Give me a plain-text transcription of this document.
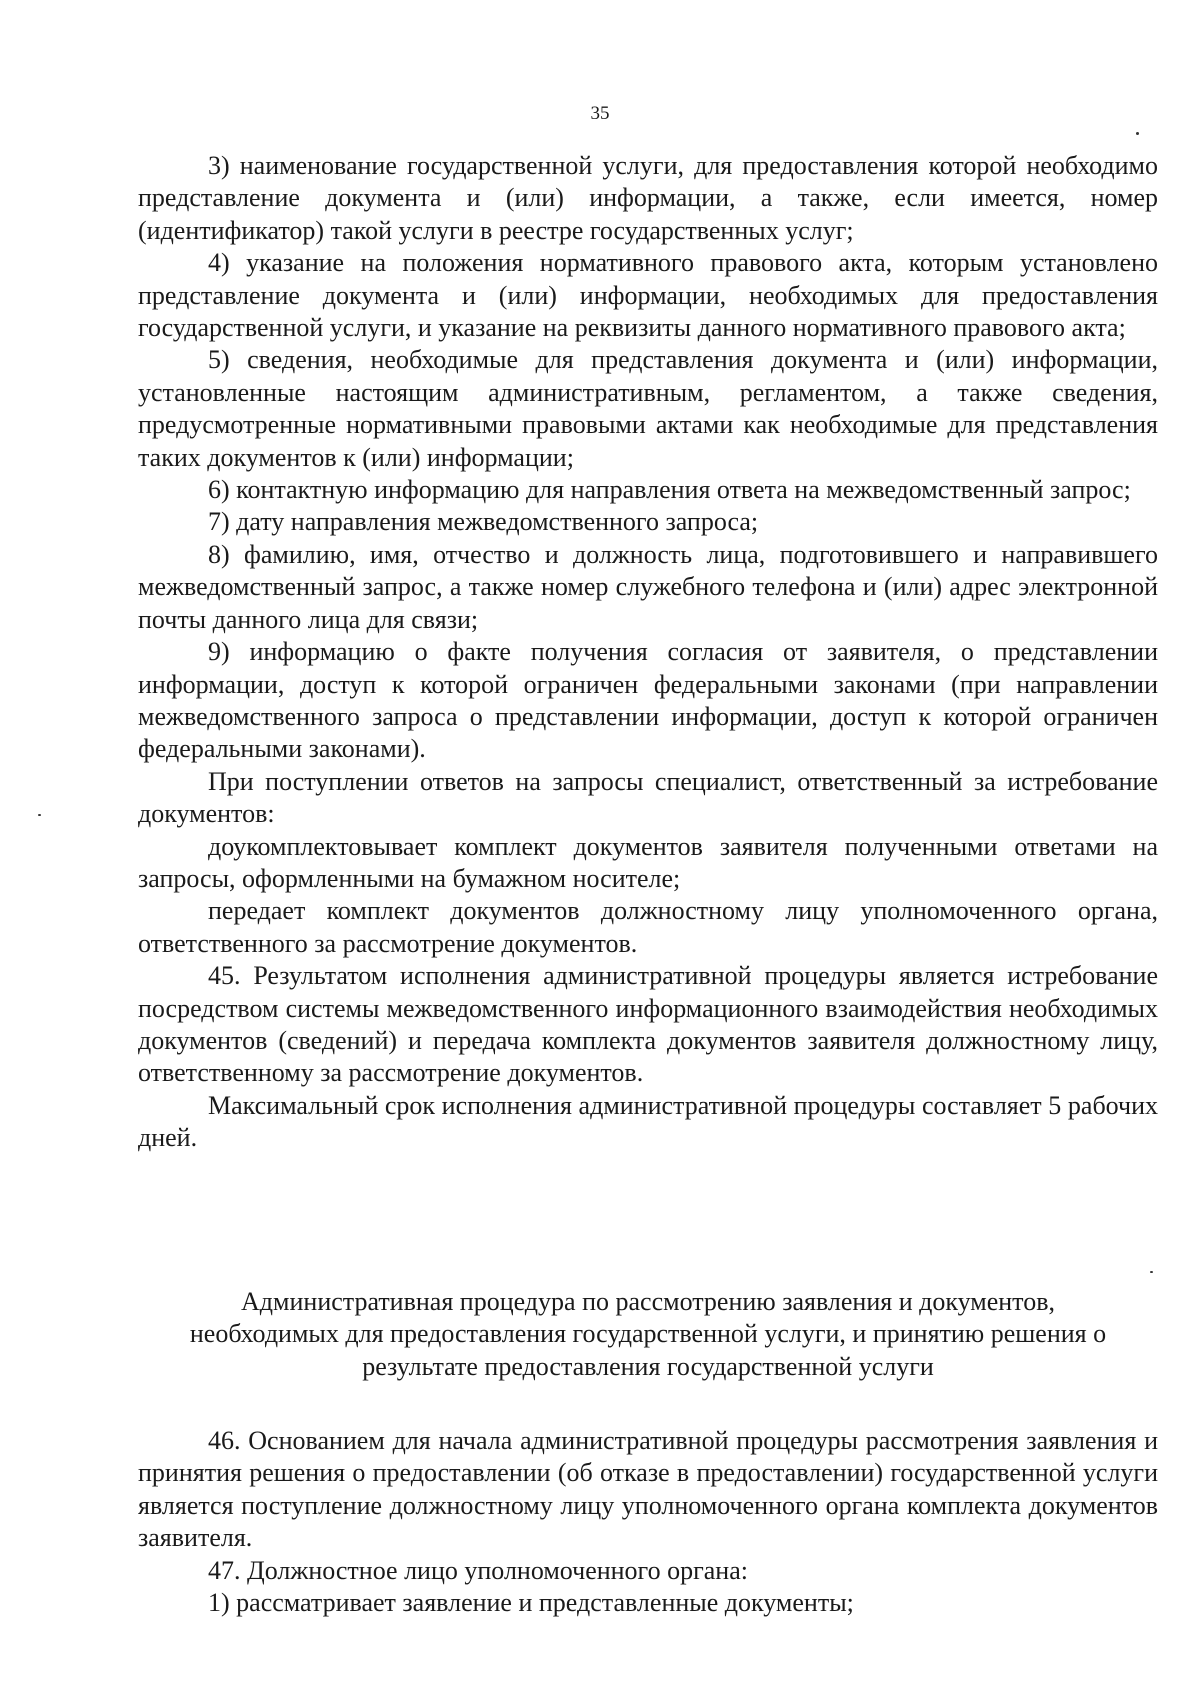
35

3) наименование государственной услуги, для предоставления которой необходимо представление документа и (или) информации, а также, если имеется, номер (идентификатор) такой услуги в реестре государственных услуг;

4) указание на положения нормативного правового акта, которым установлено представление документа и (или) информации, необходимых для предоставления государственной услуги, и указание на реквизиты данного нормативного правового акта;

5) сведения, необходимые для представления документа и (или) информации, установленные настоящим административным, регламентом, а также сведения, предусмотренные нормативными правовыми актами как необходимые для представления таких документов к (или) информации;

6) контактную информацию для направления ответа на межведомственный запрос;

7) дату направления межведомственного запроса;

8) фамилию, имя, отчество и должность лица, подготовившего и направившего межведомственный запрос, а также номер служебного телефона и (или) адрес электронной почты данного лица для связи;

9) информацию о факте получения согласия от заявителя, о представлении информации, доступ к которой ограничен федеральными законами (при направлении межведомственного запроса о представлении информации, доступ к которой ограничен федеральными законами).

При поступлении ответов на запросы специалист, ответственный за истребование документов:

доукомплектовывает комплект документов заявителя полученными ответами на запросы, оформленными на бумажном носителе;

передает комплект документов должностному лицу уполномоченного органа, ответственного за рассмотрение документов.

45. Результатом исполнения административной процедуры является истребование посредством системы межведомственного информационного взаимодействия необходимых документов (сведений) и передача комплекта документов заявителя должностному лицу, ответственному за рассмотрение документов.

Максимальный срок исполнения административной процедуры составляет 5 рабочих дней.

Административная процедура по рассмотрению заявления и документов,

необходимых для предоставления государственной услуги, и принятию решения о

результате предоставления государственной услуги

46. Основанием для начала административной процедуры рассмотрения заявления и принятия решения о предоставлении (об отказе в предоставлении) государственной услуги является поступление должностному лицу уполномоченного органа комплекта документов заявителя.

47. Должностное лицо уполномоченного органа:

1) рассматривает заявление и представленные документы;
